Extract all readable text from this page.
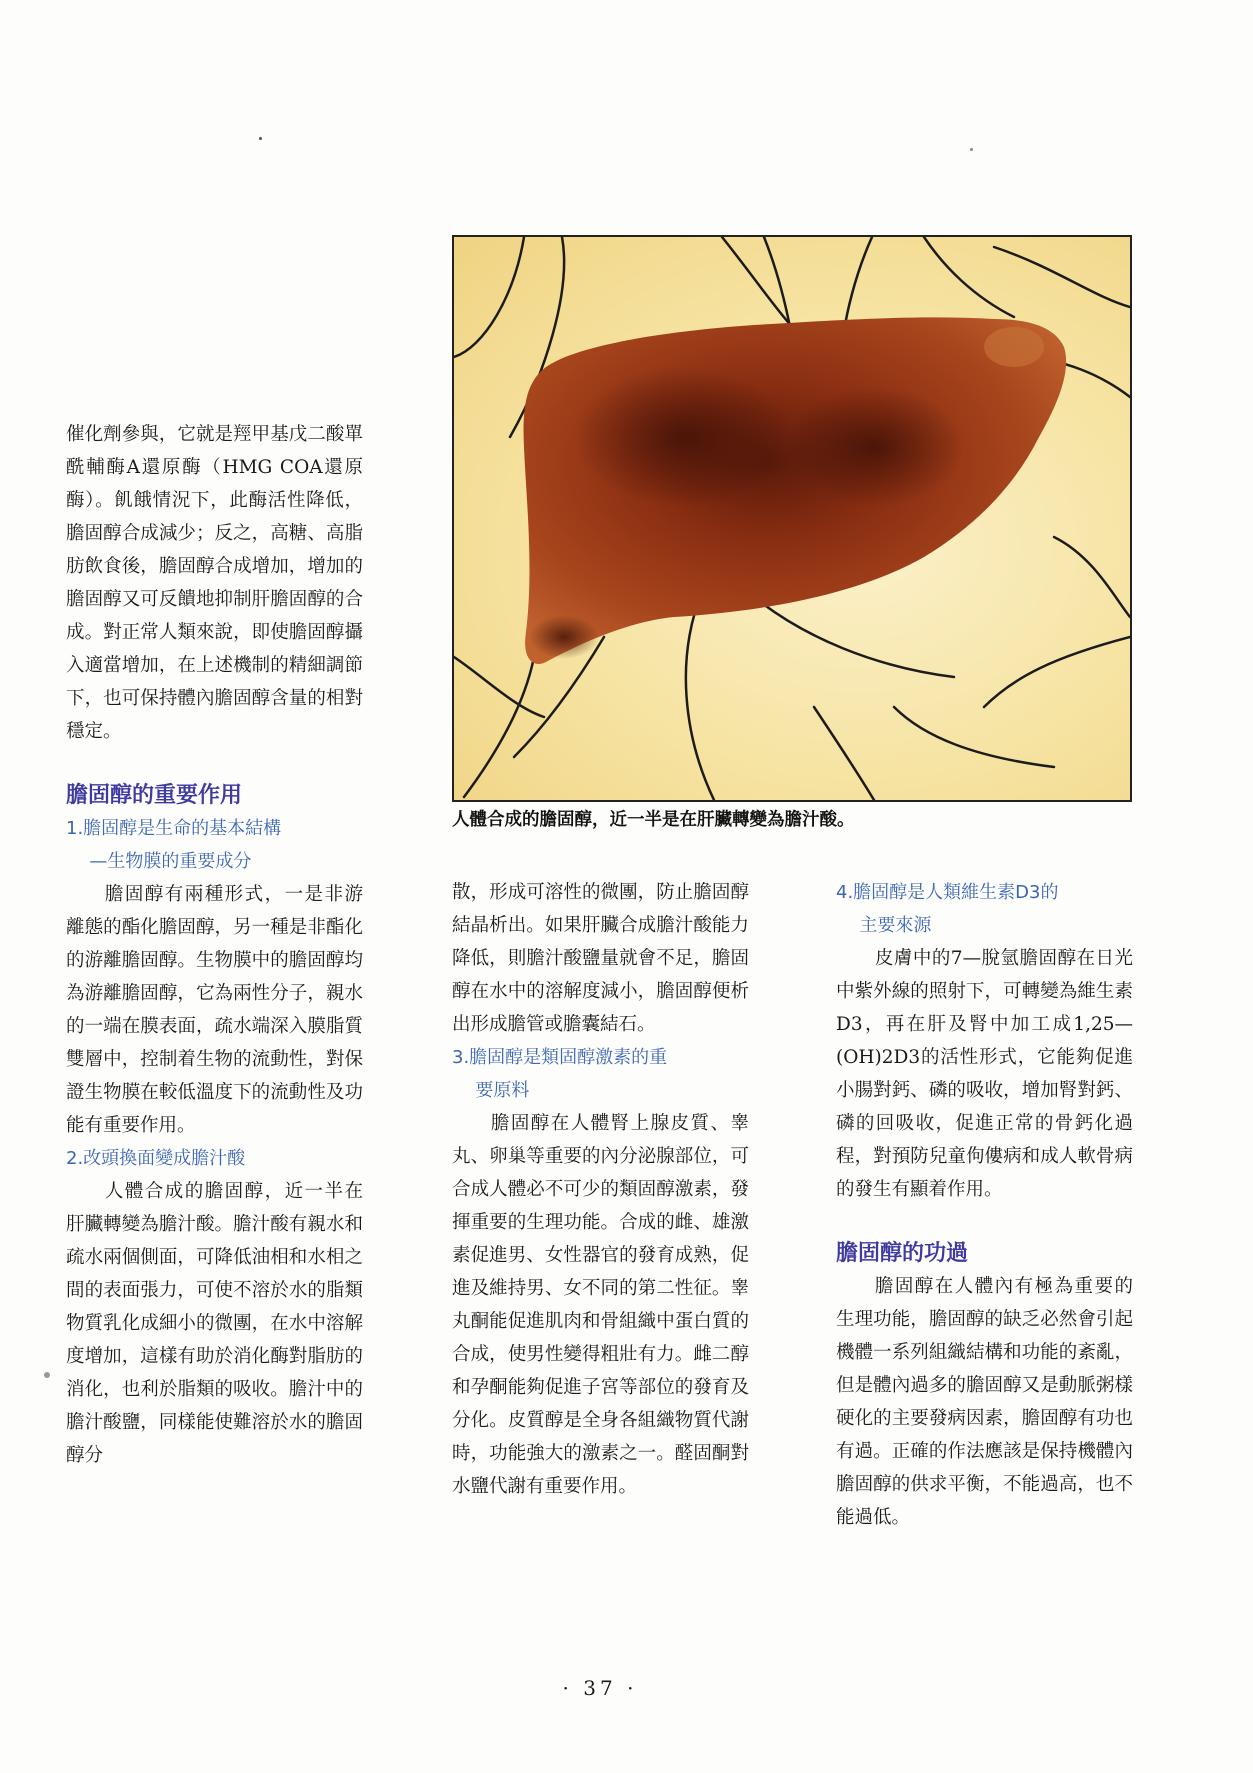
催化劑參與，它就是羥甲基戊二酸單酰輔酶A還原酶（HMG COA還原酶）。飢餓情況下，此酶活性降低，膽固醇合成減少；反之，高糖、高脂肪飲食後，膽固醇合成增加，增加的膽固醇又可反饋地抑制肝膽固醇的合成。對正常人類來說，即使膽固醇攝入適當增加，在上述機制的精細調節下，也可保持體內膽固醇含量的相對穩定。

膽固醇的重要作用

1.膽固醇是生命的基本結構
—生物膜的重要成分

膽固醇有兩種形式，一是非游離態的酯化膽固醇，另一種是非酯化的游離膽固醇。生物膜中的膽固醇均為游離膽固醇，它為兩性分子，親水的一端在膜表面，疏水端深入膜脂質雙層中，控制着生物的流動性，對保證生物膜在較低溫度下的流動性及功能有重要作用。

2.改頭換面變成膽汁酸

人體合成的膽固醇，近一半在肝臟轉變為膽汁酸。膽汁酸有親水和疏水兩個側面，可降低油相和水相之間的表面張力，可使不溶於水的脂類物質乳化成細小的微團，在水中溶解度增加，這樣有助於消化酶對脂肪的消化，也利於脂類的吸收。膽汁中的膽汁酸鹽，同樣能使難溶於水的膽固醇分

人體合成的膽固醇，近一半是在肝臟轉變為膽汁酸。

散，形成可溶性的微團，防止膽固醇結晶析出。如果肝臟合成膽汁酸能力降低，則膽汁酸鹽量就會不足，膽固醇在水中的溶解度減小，膽固醇便析出形成膽管或膽囊結石。

3.膽固醇是類固醇激素的重
要原料

膽固醇在人體腎上腺皮質、睾丸、卵巢等重要的內分泌腺部位，可合成人體必不可少的類固醇激素，發揮重要的生理功能。合成的雌、雄激素促進男、女性器官的發育成熟，促進及維持男、女不同的第二性征。睾丸酮能促進肌肉和骨組織中蛋白質的合成，使男性變得粗壯有力。雌二醇和孕酮能夠促進子宮等部位的發育及分化。皮質醇是全身各組織物質代謝時，功能強大的激素之一。醛固酮對水鹽代謝有重要作用。

4.膽固醇是人類維生素D3的
主要來源

皮膚中的7—脫氫膽固醇在日光中紫外線的照射下，可轉變為維生素D3，再在肝及腎中加工成1,25—(OH)2D3的活性形式，它能夠促進小腸對鈣、磷的吸收，增加腎對鈣、磷的回吸收，促進正常的骨鈣化過程，對預防兒童佝僂病和成人軟骨病的發生有顯着作用。

膽固醇的功過

膽固醇在人體內有極為重要的生理功能，膽固醇的缺乏必然會引起機體一系列組織結構和功能的紊亂，但是體內過多的膽固醇又是動脈粥樣硬化的主要發病因素，膽固醇有功也有過。正確的作法應該是保持機體內膽固醇的供求平衡，不能過高，也不能過低。

· 37 ·
